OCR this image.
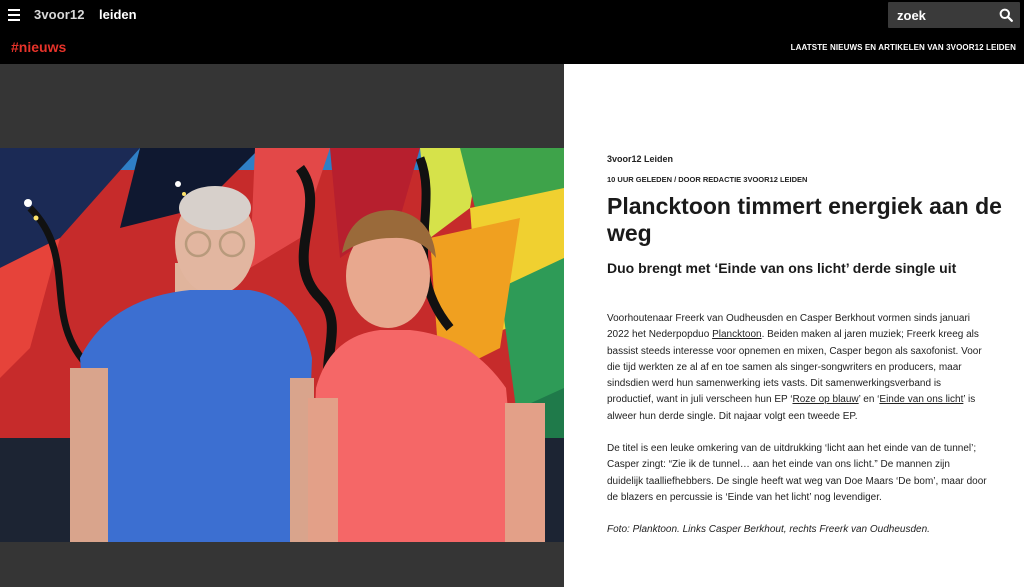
3voor12 leiden
zoek
#nieuws	LAATSTE NIEUWS EN ARTIKELEN VAN 3VOOR12 LEIDEN
3voor12 Leiden
10 UUR GELEDEN / DOOR REDACTIE 3VOOR12 LEIDEN
Plancktoon timmert energiek aan de weg
Duo brengt met ‘Einde van ons licht’ derde single uit

Voorhoutenaar Freerk van Oudheusden en Casper Berkhout vormen sinds januari 2022 het Nederpopduo Plancktoon. Beiden maken al jaren muziek; Freerk kreeg als bassist steeds interesse voor opnemen en mixen, Casper begon als saxofonist. Voor die tijd werkten ze al af en toe samen als singer-songwriters en producers, maar sindsdien werd hun samenwerking iets vasts. Dit samenwerkingsverband is productief, want in juli verscheen hun EP ‘Roze op blauw’ en ‘Einde van ons licht’ is alweer hun derde single. Dit najaar volgt een tweede EP.

De titel is een leuke omkering van de uitdrukking ‘licht aan het einde van de tunnel’; Casper zingt: “Zie ik de tunnel… aan het einde van ons licht.” De mannen zijn duidelijk taalliefhebbers. De single heeft wat weg van Doe Maars ‘De bom’, maar door de blazers en percussie is ‘Einde van het licht’ nog levendiger.

Foto: Planktoon. Links Casper Berkhout, rechts Freerk van Oudheusden.
